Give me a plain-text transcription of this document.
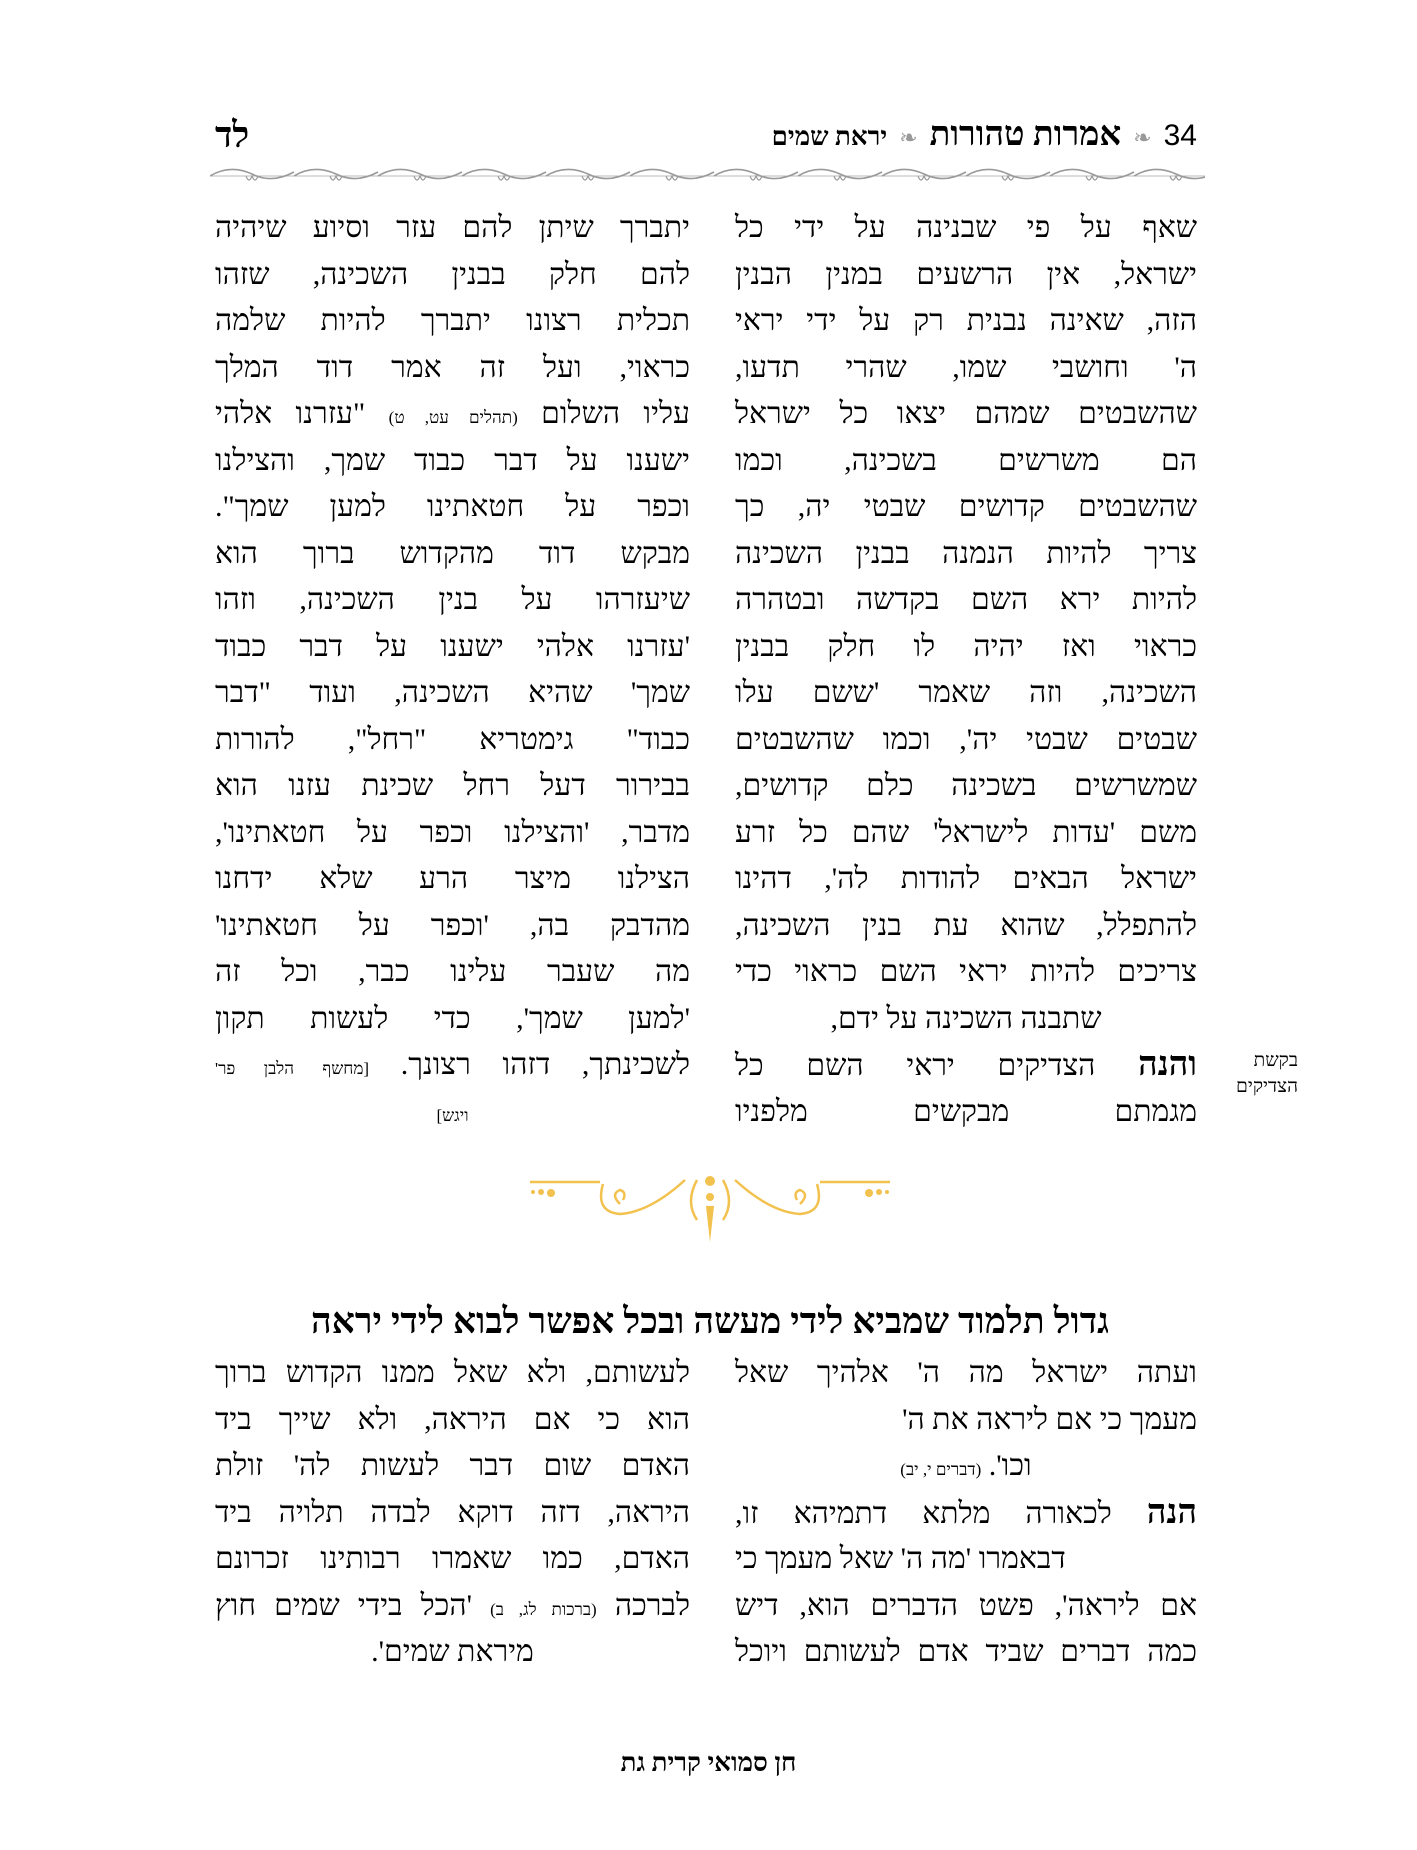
יראת שמים ❧ אמרות טהורות ❧ 34
לד
שאף על פי שבנינה על ידי כל
ישראל, אין הרשעים במנין הבנין
הזה, שאינה נבנית רק על ידי יראי
ה' וחושבי שמו, שהרי תדעו,
שהשבטים שמהם יצאו כל ישראל
הם משרשים בשכינה, וכמו
שהשבטים קדושים שבטי יה, כך
צריך להיות הנמנה בבנין השכינה
להיות ירא השם בקדשה ובטהרה
כראוי ואז יהיה לו חלק בבנין
השכינה, וזה שאמר 'ששם עלו
שבטים שבטי יה', וכמו שהשבטים
שמשרשים בשכינה כלם קדושים,
משם 'עדות לישראל' שהם כל זרע
ישראל הבאים להודות לה', דהינו
להתפלל, שהוא עת בנין השכינה,
צריכים להיות יראי השם כראוי כדי
שתבנה השכינה על ידם,
והנה הצדיקים יראי השם כל
מגמתם מבקשים מלפניו
בקשת
הצדיקים
יתברך שיתן להם עזר וסיוע שיהיה
להם חלק בבנין השכינה, שזהו
תכלית רצונו יתברך להיות שלמה
כראוי, ועל זה אמר דוד המלך
עליו השלום (תהלים עט, ט) "עזרנו אלהי
ישענו על דבר כבוד שמך, והצילנו
וכפר על חטאתינו למען שמך".
מבקש דוד מהקדוש ברוך הוא
שיעזרהו על בנין השכינה, וזהו
'עזרנו אלהי ישענו על דבר כבוד
שמך' שהיא השכינה, ועוד "דבר
כבוד" גימטריא "רחל", להורות
בבירור דעל רחל שכינת עזנו הוא
מדבר, 'והצילנו וכפר על חטאתינו',
הצילנו מיצר הרע שלא ידחנו
מהדבק בה, 'וכפר על חטאתינו'
מה שעבר עלינו כבר, וכל זה
'למען שמך', כדי לעשות תקון
לשכינתך, דזהו רצונך. [מחשף הלבן פר'
ויגש]
גדול תלמוד שמביא לידי מעשה ובכל אפשר לבוא לידי יראה
ועתה ישראל מה ה' אלהיך שאל
מעמך כי אם ליראה את ה'
וכו'. (דברים י, יב)
הנה לכאורה מלתא דתמיהא זו,
דבאמרו 'מה ה' שאל מעמך כי
אם ליראה', פשט הדברים הוא, דיש
כמה דברים שביד אדם לעשותם ויוכל
לעשותם, ולא שאל ממנו הקדוש ברוך
הוא כי אם היראה, ולא שייך ביד
האדם שום דבר לעשות לה' זולת
היראה, דזה דוקא לבדה תלויה ביד
האדם, כמו שאמרו רבותינו זכרונם
לברכה (ברכות לג, ב) 'הכל בידי שמים חוץ
מיראת שמים'.
חן סמואי קרית גת
